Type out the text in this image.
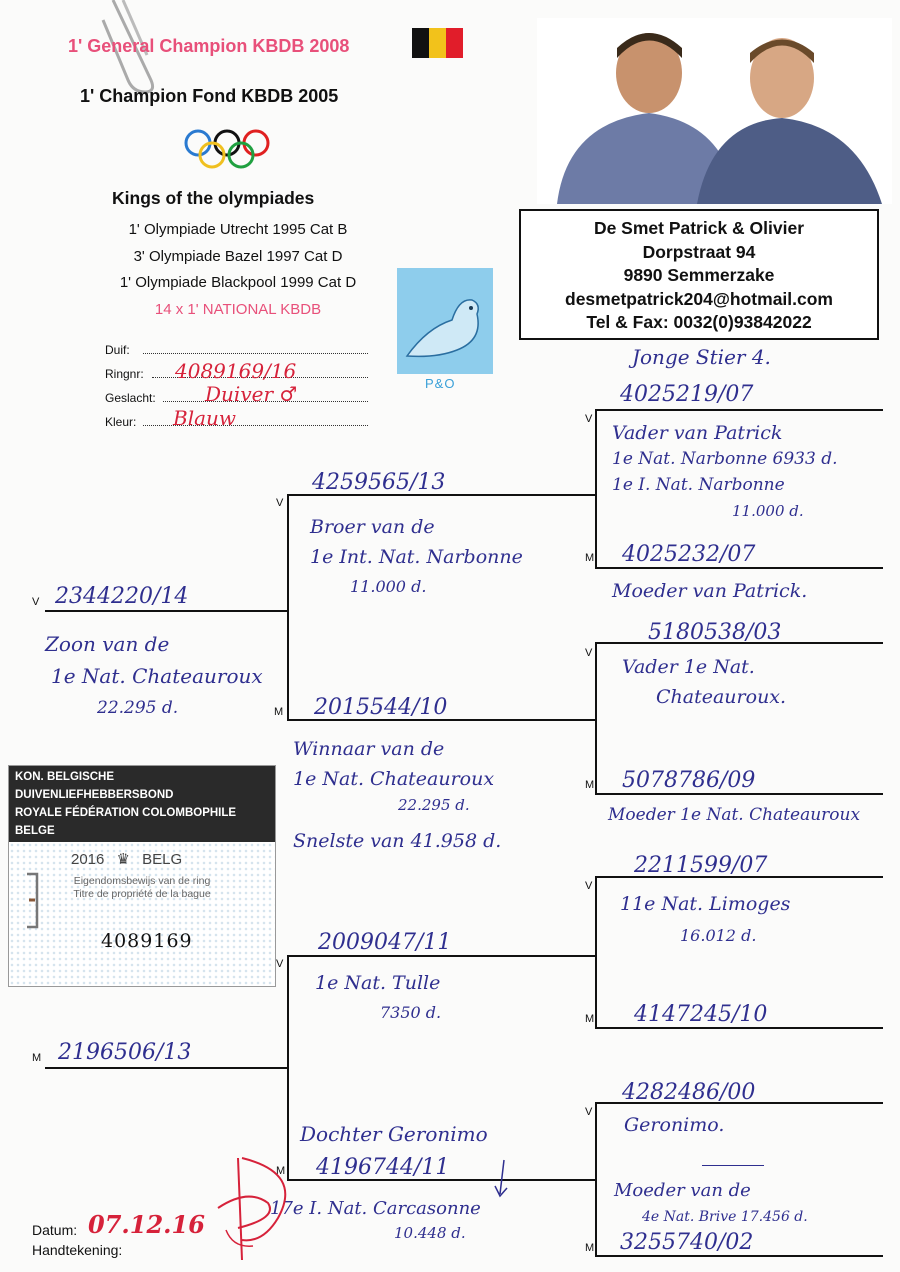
1' General Champion KBDB 2008
1' Champion Fond KBDB 2005
Kings of the olympiades
1' Olympiade Utrecht 1995 Cat B
3' Olympiade Bazel 1997 Cat D
1' Olympiade Blackpool 1999 Cat D
14 x 1' NATIONAL KBDB
De Smet Patrick & Olivier
Dorpstraat 94
9890 Semmerzake
desmetpatrick204@hotmail.com
Tel & Fax: 0032(0)93842022
P&O
Duif:
Ringnr: 4089169/16
Geslacht: Duiver ♂
Kleur: Blauw
V 2344220/14
Zoon van de
1e Nat. Chateauroux
22.295 d.
V
4259565/13
Broer van de
1e Int. Nat. Narbonne
11.000 d.
M 2015544/10
Winnaar van de
1e Nat. Chateauroux
22.295 d.
Snelste van 41.958 d.
Jonge Stier 4.
4025219/07
V
Vader van Patrick
1e Nat. Narbonne 6933 d.
1e I. Nat. Narbonne
11.000 d.
M 4025232/07
Moeder van Patrick.
5180538/03
V
Vader 1e Nat.
Chateauroux.
M 5078786/09
Moeder 1e Nat. Chateauroux
M 2196506/13
V
2009047/11
1e Nat. Tulle
7350 d.
Dochter Geronimo
M 4196744/11
17e I. Nat. Carcasonne
10.448 d.
2211599/07
V
11e Nat. Limoges
16.012 d.
M 4147245/10
4282486/00
V
Geronimo.
Moeder van de
4e Nat. Brive 17.456 d.
M 3255740/02
KON. BELGISCHE DUIVENLIEFHEBBERSBOND
ROYALE FÉDÉRATION COLOMBOPHILE BELGE
2016 ♛ BELG
Eigendomsbewijs van de ring
Titre de propriété de la bague
4089169
Datum: 07.12.16
Handtekening:
